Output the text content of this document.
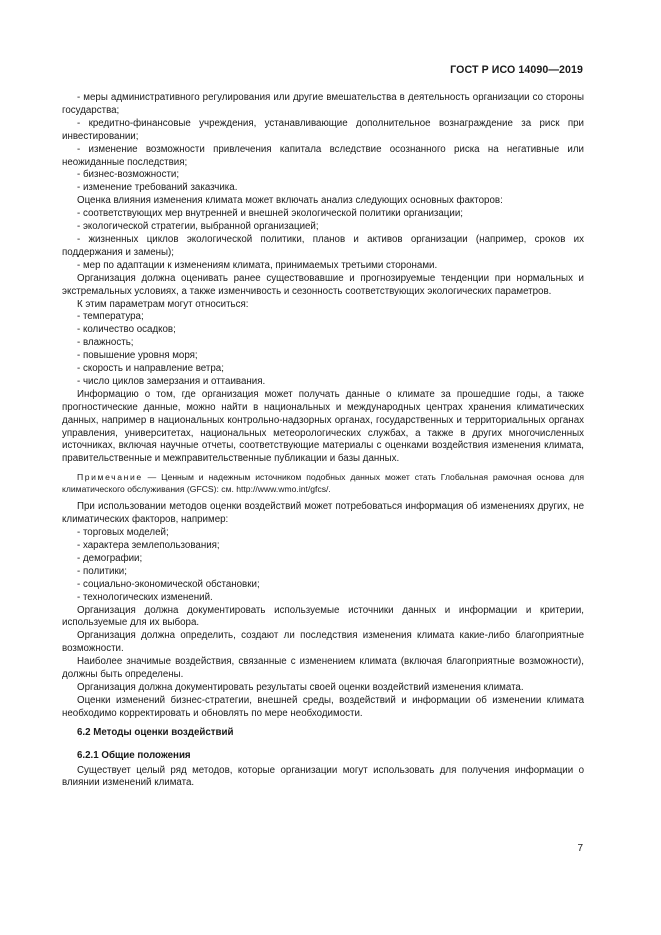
ГОСТ Р ИСО 14090—2019

- меры административного регулирования или другие вмешательства в деятельность организации со стороны государства;

- кредитно-финансовые учреждения, устанавливающие дополнительное вознаграждение за риск при инвестировании;

- изменение возможности привлечения капитала вследствие осознанного риска на негативные или неожиданные последствия;

- бизнес-возможности;

- изменение требований заказчика.

Оценка влияния изменения климата может включать анализ следующих основных факторов:

- соответствующих мер внутренней и внешней экологической политики организации;

- экологической стратегии, выбранной организацией;

- жизненных циклов экологической политики, планов и активов организации (например, сроков их поддержания и замены);

- мер по адаптации к изменениям климата, принимаемых третьими сторонами.

Организация должна оценивать ранее существовавшие и прогнозируемые тенденции при нормальных и экстремальных условиях, а также изменчивость и сезонность соответствующих экологических параметров.

К этим параметрам могут относиться:

- температура;

- количество осадков;

- влажность;

- повышение уровня моря;

- скорость и направление ветра;

- число циклов замерзания и оттаивания.

Информацию о том, где организация может получать данные о климате за прошедшие годы, а также прогностические данные, можно найти в национальных и международных центрах хранения климатических данных, например в национальных контрольно-надзорных органах, государственных и территориальных органах управления, университетах, национальных метеорологических службах, а также в других многочисленных источниках, включая научные отчеты, соответствующие материалы с оценками воздействия изменения климата, правительственные и межправительственные публикации и базы данных.

Примечание — Ценным и надежным источником подобных данных может стать Глобальная рамочная основа для климатического обслуживания (GFCS): см. http://www.wmo.int/gfcs/.

При использовании методов оценки воздействий может потребоваться информация об изменениях других, не климатических факторов, например:

- торговых моделей;

- характера землепользования;

- демографии;

- политики;

- социально-экономической обстановки;

- технологических изменений.

Организация должна документировать используемые источники данных и информации и критерии, используемые для их выбора.

Организация должна определить, создают ли последствия изменения климата какие-либо благоприятные возможности.

Наиболее значимые воздействия, связанные с изменением климата (включая благоприятные возможности), должны быть определены.

Организация должна документировать результаты своей оценки воздействий изменения климата.

Оценки изменений бизнес-стратегии, внешней среды, воздействий и информации об изменении климата необходимо корректировать и обновлять по мере необходимости.

6.2 Методы оценки воздействий

6.2.1 Общие положения

Существует целый ряд методов, которые организации могут использовать для получения информации о влиянии изменений климата.

7
